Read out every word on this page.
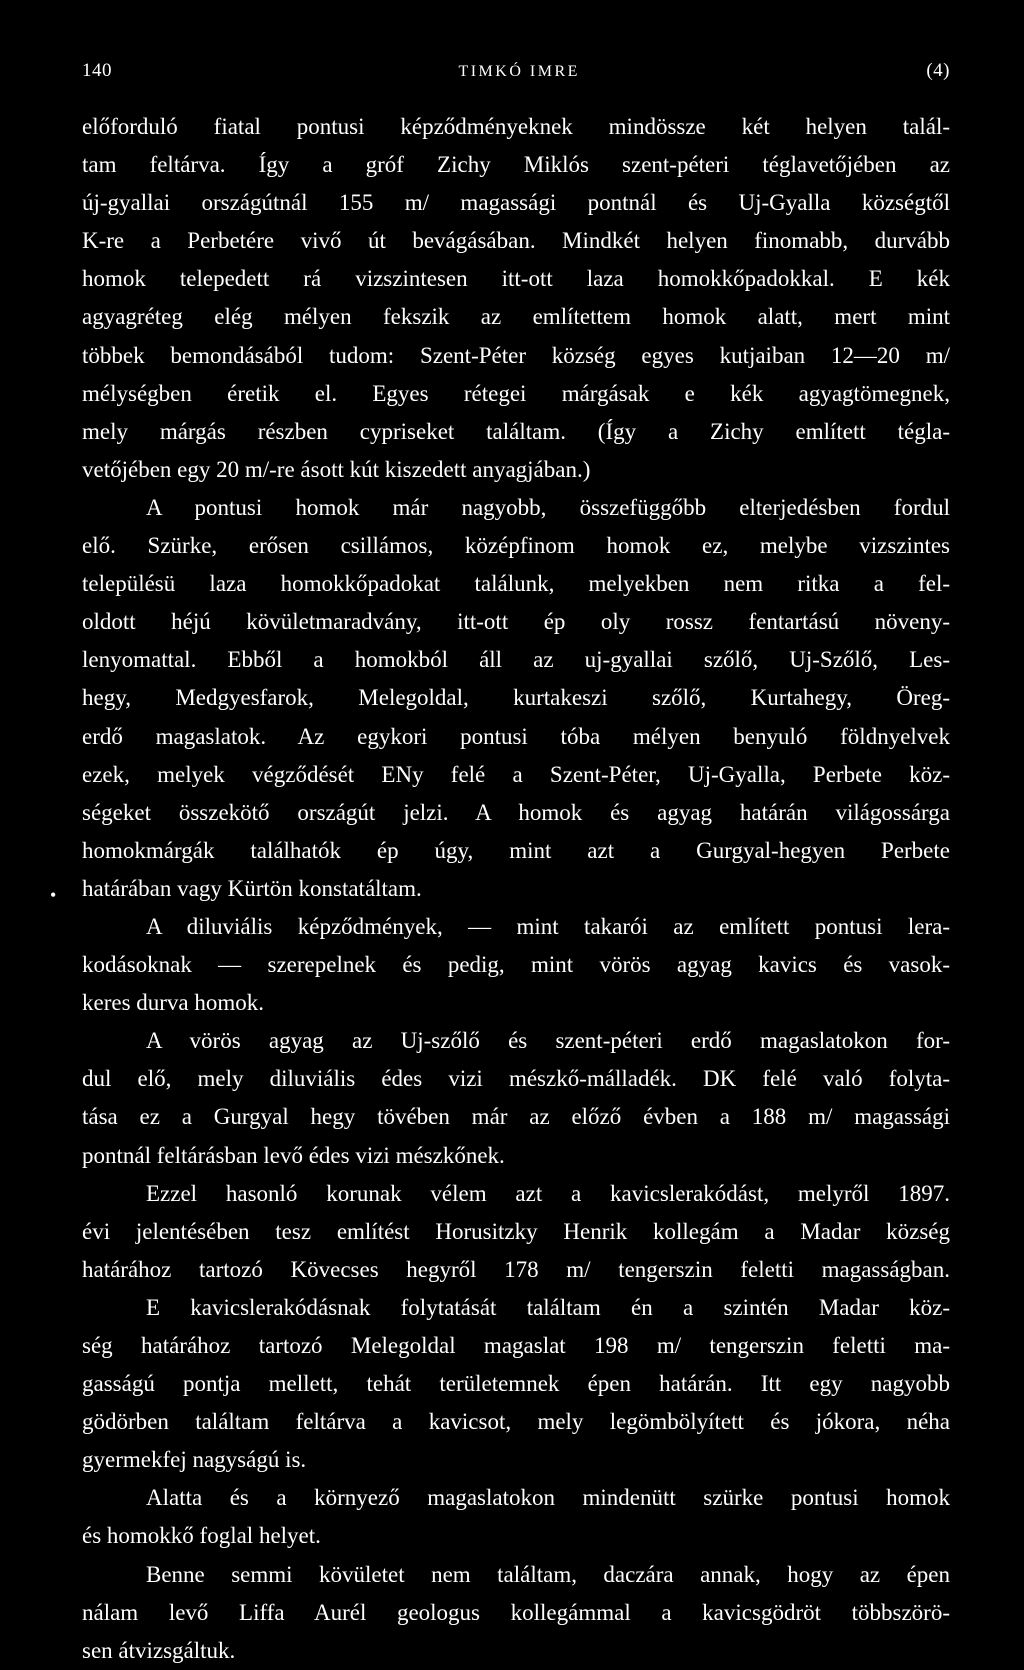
140	TIMKÓ IMRE	(4)
előforduló fiatal pontusi képződményeknek mindössze két helyen talál-
tam feltárva. Így a gróf Zichy Miklós szent-péteri téglavetőjében az
új-gyallai országútnál 155 m/ magassági pontnál és Uj-Gyalla községtől
K-re a Perbetére vivő út bevágásában. Mindkét helyen finomabb, durvább
homok telepedett rá vizszintesen itt-ott laza homokkőpadokkal. E kék
agyagréteg elég mélyen fekszik az említettem homok alatt, mert mint
többek bemondásából tudom: Szent-Péter község egyes kutjaiban 12—20 m/
mélységben éretik el. Egyes rétegei márgásak e kék agyagtömegnek,
mely márgás részben cypriseket találtam. (Így a Zichy említett tégla-
vetőjében egy 20 m/-re ásott kút kiszedett anyagjában.)
A pontusi homok már nagyobb, összefüggőbb elterjedésben fordul
elő. Szürke, erősen csillámos, középfinom homok ez, melybe vizszintes
településü laza homokkőpadokat találunk, melyekben nem ritka a fel-
oldott héjú kövületmaradvány, itt-ott ép oly rossz fentartású növeny-
lenyomattal. Ebből a homokból áll az uj-gyallai szőlő, Uj-Szőlő, Les-
hegy, Medgyesfarok, Melegoldal, kurtakeszi szőlő, Kurtahegy, Öreg-
erdő magaslatok. Az egykori pontusi tóba mélyen benyuló földnyelvek
ezek, melyek végződését ENy felé a Szent-Péter, Uj-Gyalla, Perbete köz-
ségeket összekötő országút jelzi. A homok és agyag határán világossárga
homokmárgák találhatók ép úgy, mint azt a Gurgyal-hegyen Perbete
határában vagy Kürtön konstatáltam.
A diluviális képződmények, — mint takarói az említett pontusi lera-
kodásoknak — szerepelnek és pedig, mint vörös agyag kavics és vasok-
keres durva homok.
A vörös agyag az Uj-szőlő és szent-péteri erdő magaslatokon for-
dul elő, mely diluviális édes vizi mészkő-málladék. DK felé való folyta-
tása ez a Gurgyal hegy tövében már az előző évben a 188 m/ magassági
pontnál feltárásban levő édes vizi mészkőnek.
Ezzel hasonló korunak vélem azt a kavicslerakódást, melyről 1897.
évi jelentésében tesz említést Horusitzky Henrik kollegám a Madar község
határához tartozó Kövecses hegyről 178 m/ tengerszin feletti magasságban.
E kavicslerakódásnak folytatását találtam én a szintén Madar köz-
ség határához tartozó Melegoldal magaslat 198 m/ tengerszin feletti ma-
gasságú pontja mellett, tehát területemnek épen határán. Itt egy nagyobb
gödörben találtam feltárva a kavicsot, mely legömbölyített és jókora, néha
gyermekfej nagyságú is.
Alatta és a környező magaslatokon mindenütt szürke pontusi homok
és homokkő foglal helyet.
Benne semmi kövületet nem találtam, daczára annak, hogy az épen
nálam levő Liffa Aurél geologus kollegámmal a kavicsgödröt többszörö-
sen átvizsgáltuk.
•
